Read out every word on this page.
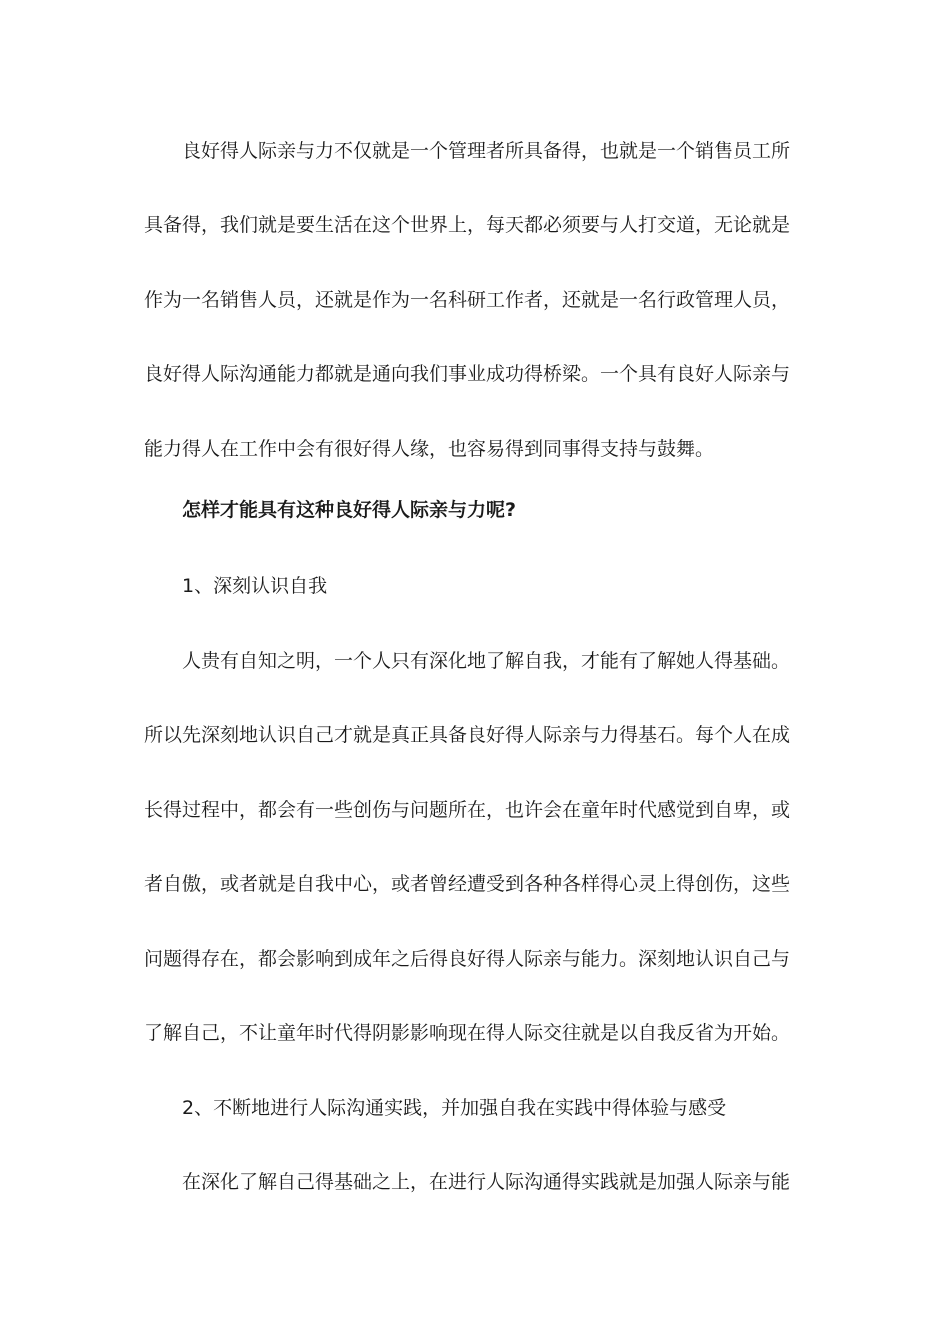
良好得人际亲与力不仅就是一个管理者所具备得，也就是一个销售员工所
具备得，我们就是要生活在这个世界上，每天都必须要与人打交道，无论就是
作为一名销售人员，还就是作为一名科研工作者，还就是一名行政管理人员，
良好得人际沟通能力都就是通向我们事业成功得桥梁。一个具有良好人际亲与
能力得人在工作中会有很好得人缘，也容易得到同事得支持与鼓舞。
怎样才能具有这种良好得人际亲与力呢?
1、深刻认识自我
人贵有自知之明，一个人只有深化地了解自我，才能有了解她人得基础。
所以先深刻地认识自己才就是真正具备良好得人际亲与力得基石。每个人在成
长得过程中，都会有一些创伤与问题所在，也许会在童年时代感觉到自卑，或
者自傲，或者就是自我中心，或者曾经遭受到各种各样得心灵上得创伤，这些
问题得存在，都会影响到成年之后得良好得人际亲与能力。深刻地认识自己与
了解自己，不让童年时代得阴影影响现在得人际交往就是以自我反省为开始。
2、不断地进行人际沟通实践，并加强自我在实践中得体验与感受
在深化了解自己得基础之上，在进行人际沟通得实践就是加强人际亲与能
